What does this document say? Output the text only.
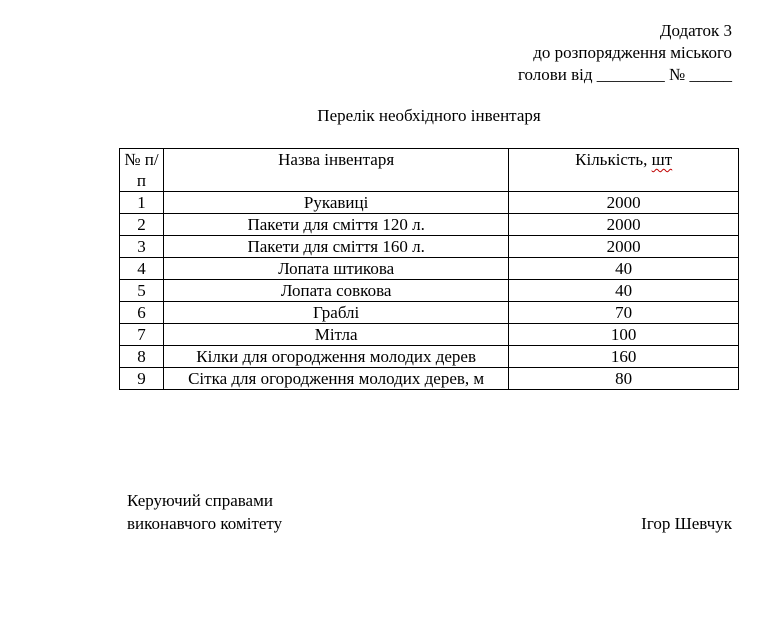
Додаток 3
до розпорядження міського
голови від ________ № _____
Перелік необхідного інвентаря
№ п/п	Назва інвентаря	Кількість, шт
1	Рукавиці	2000
2	Пакети для сміття 120 л.	2000
3	Пакети для сміття 160 л.	2000
4	Лопата штикова	40
5	Лопата совкова	40
6	Граблі	70
7	Мітла	100
8	Кілки для огородження молодих дерев	160
9	Сітка для огородження молодих дерев, м	80
Керуючий справами
виконавчого комітету	Ігор Шевчук
